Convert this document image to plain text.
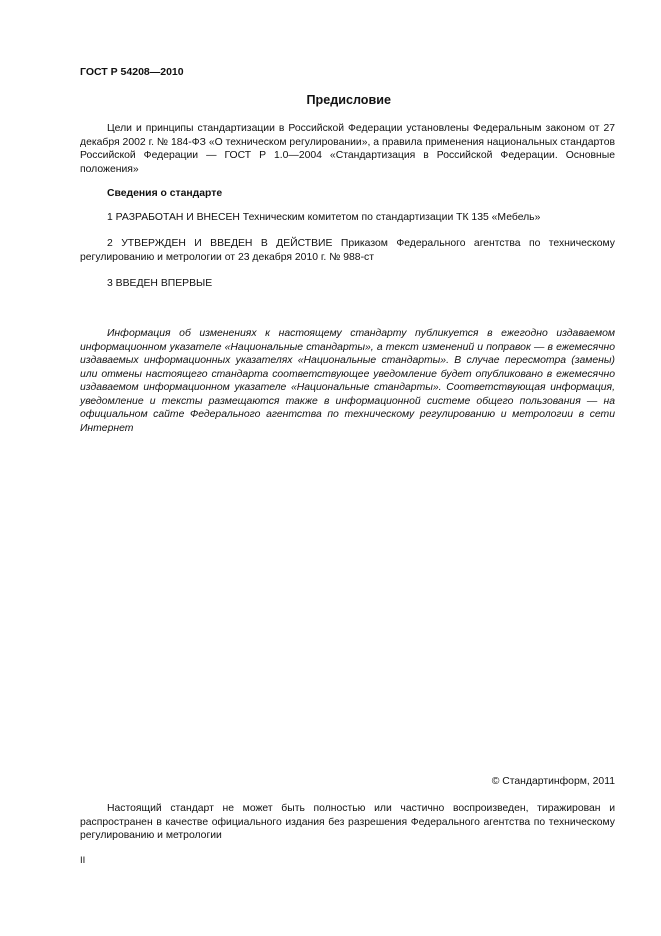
ГОСТ Р 54208—2010
Предисловие
Цели и принципы стандартизации в Российской Федерации установлены Федеральным законом от 27 декабря 2002 г. № 184-ФЗ «О техническом регулировании», а правила применения национальных стандартов Российской Федерации — ГОСТ Р 1.0—2004 «Стандартизация в Российской Федерации. Основные положения»
Сведения о стандарте
1 РАЗРАБОТАН И ВНЕСЕН Техническим комитетом по стандартизации ТК 135 «Мебель»
2 УТВЕРЖДЕН И ВВЕДЕН В ДЕЙСТВИЕ Приказом Федерального агентства по техническому регулированию и метрологии от 23 декабря 2010 г. № 988-ст
3 ВВЕДЕН ВПЕРВЫЕ
Информация об изменениях к настоящему стандарту публикуется в ежегодно издаваемом информационном указателе «Национальные стандарты», а текст изменений и поправок — в ежемесячно издаваемых информационных указателях «Национальные стандарты». В случае пересмотра (замены) или отмены настоящего стандарта соответствующее уведомление будет опубликовано в ежемесячно издаваемом информационном указателе «Национальные стандарты». Соответствующая информация, уведомление и тексты размещаются также в информационной системе общего пользования — на официальном сайте Федерального агентства по техническому регулированию и метрологии в сети Интернет
© Стандартинформ, 2011
Настоящий стандарт не может быть полностью или частично воспроизведен, тиражирован и распространен в качестве официального издания без разрешения Федерального агентства по техническому регулированию и метрологии
II
